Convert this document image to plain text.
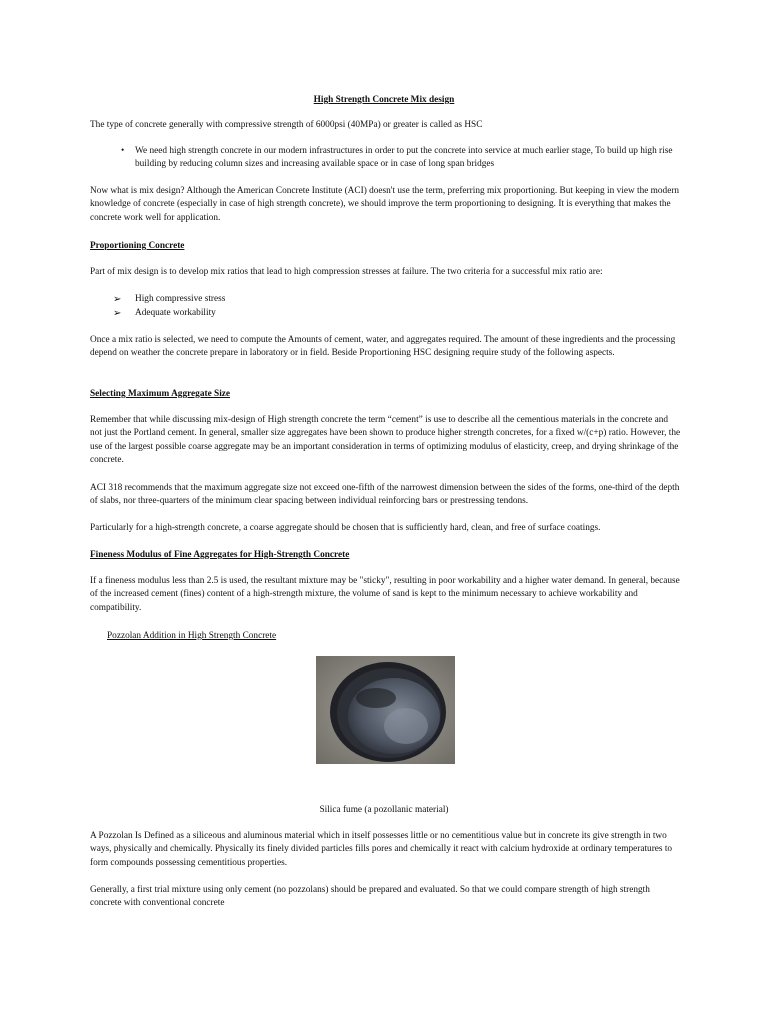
High Strength Concrete Mix design

The type of concrete generally with compressive strength of 6000psi (40MPa) or greater is called as HSC

•	We need high strength concrete in our modern infrastructures in order to put the concrete into service at much earlier stage, To build up high rise building by reducing column sizes and increasing available space or in case of long span bridges

Now what is mix design? Although the American Concrete Institute (ACI) doesn't use the term, preferring mix proportioning. But keeping in view the modern knowledge of concrete (especially in case of high strength concrete), we should improve the term proportioning to designing. It is everything that makes the concrete work well for application.

Proportioning Concrete

Part of mix design is to develop mix ratios that lead to high compression stresses at failure. The two criteria for a successful mix ratio are:

➢ High compressive stress
➢ Adequate workability

Once a mix ratio is selected, we need to compute the Amounts of cement, water, and aggregates required. The amount of these ingredients and the processing depend on weather the concrete prepare in laboratory or in field. Beside Proportioning HSC designing require study of the following aspects.

Selecting Maximum Aggregate Size

Remember that while discussing mix-design of High strength concrete the term “cement” is use to describe all the cementious materials in the concrete and not just the Portland cement. In general, smaller size aggregates have been shown to produce higher strength concretes, for a fixed w/(c+p) ratio. However, the use of the largest possible coarse aggregate may be an important consideration in terms of optimizing modulus of elasticity, creep, and drying shrinkage of the concrete.

ACI 318 recommends that the maximum aggregate size not exceed one-fifth of the narrowest dimension between the sides of the forms, one-third of the depth of slabs, nor three-quarters of the minimum clear spacing between individual reinforcing bars or prestressing tendons.

Particularly for a high-strength concrete, a coarse aggregate should be chosen that is sufficiently hard, clean, and free of surface coatings.

Fineness Modulus of Fine Aggregates for High-Strength Concrete

If a fineness modulus less than 2.5 is used, the resultant mixture may be "sticky", resulting in poor workability and a higher water demand. In general, because of the increased cement (fines) content of a high-strength mixture, the volume of sand is kept to the minimum necessary to achieve workability and compatibility.

Pozzolan Addition in High Strength Concrete
Silica fume (a pozollanic material)

A Pozzolan Is Defined as a siliceous and aluminous material which in itself possesses little or no cementitious value but in concrete its give strength in two ways, physically and chemically. Physically its finely divided particles fills pores and chemically it react with calcium hydroxide at ordinary temperatures to form compounds possessing cementitious properties.

Generally, a first trial mixture using only cement (no pozzolans) should be prepared and evaluated. So that we could compare strength of high strength concrete with conventional concrete
